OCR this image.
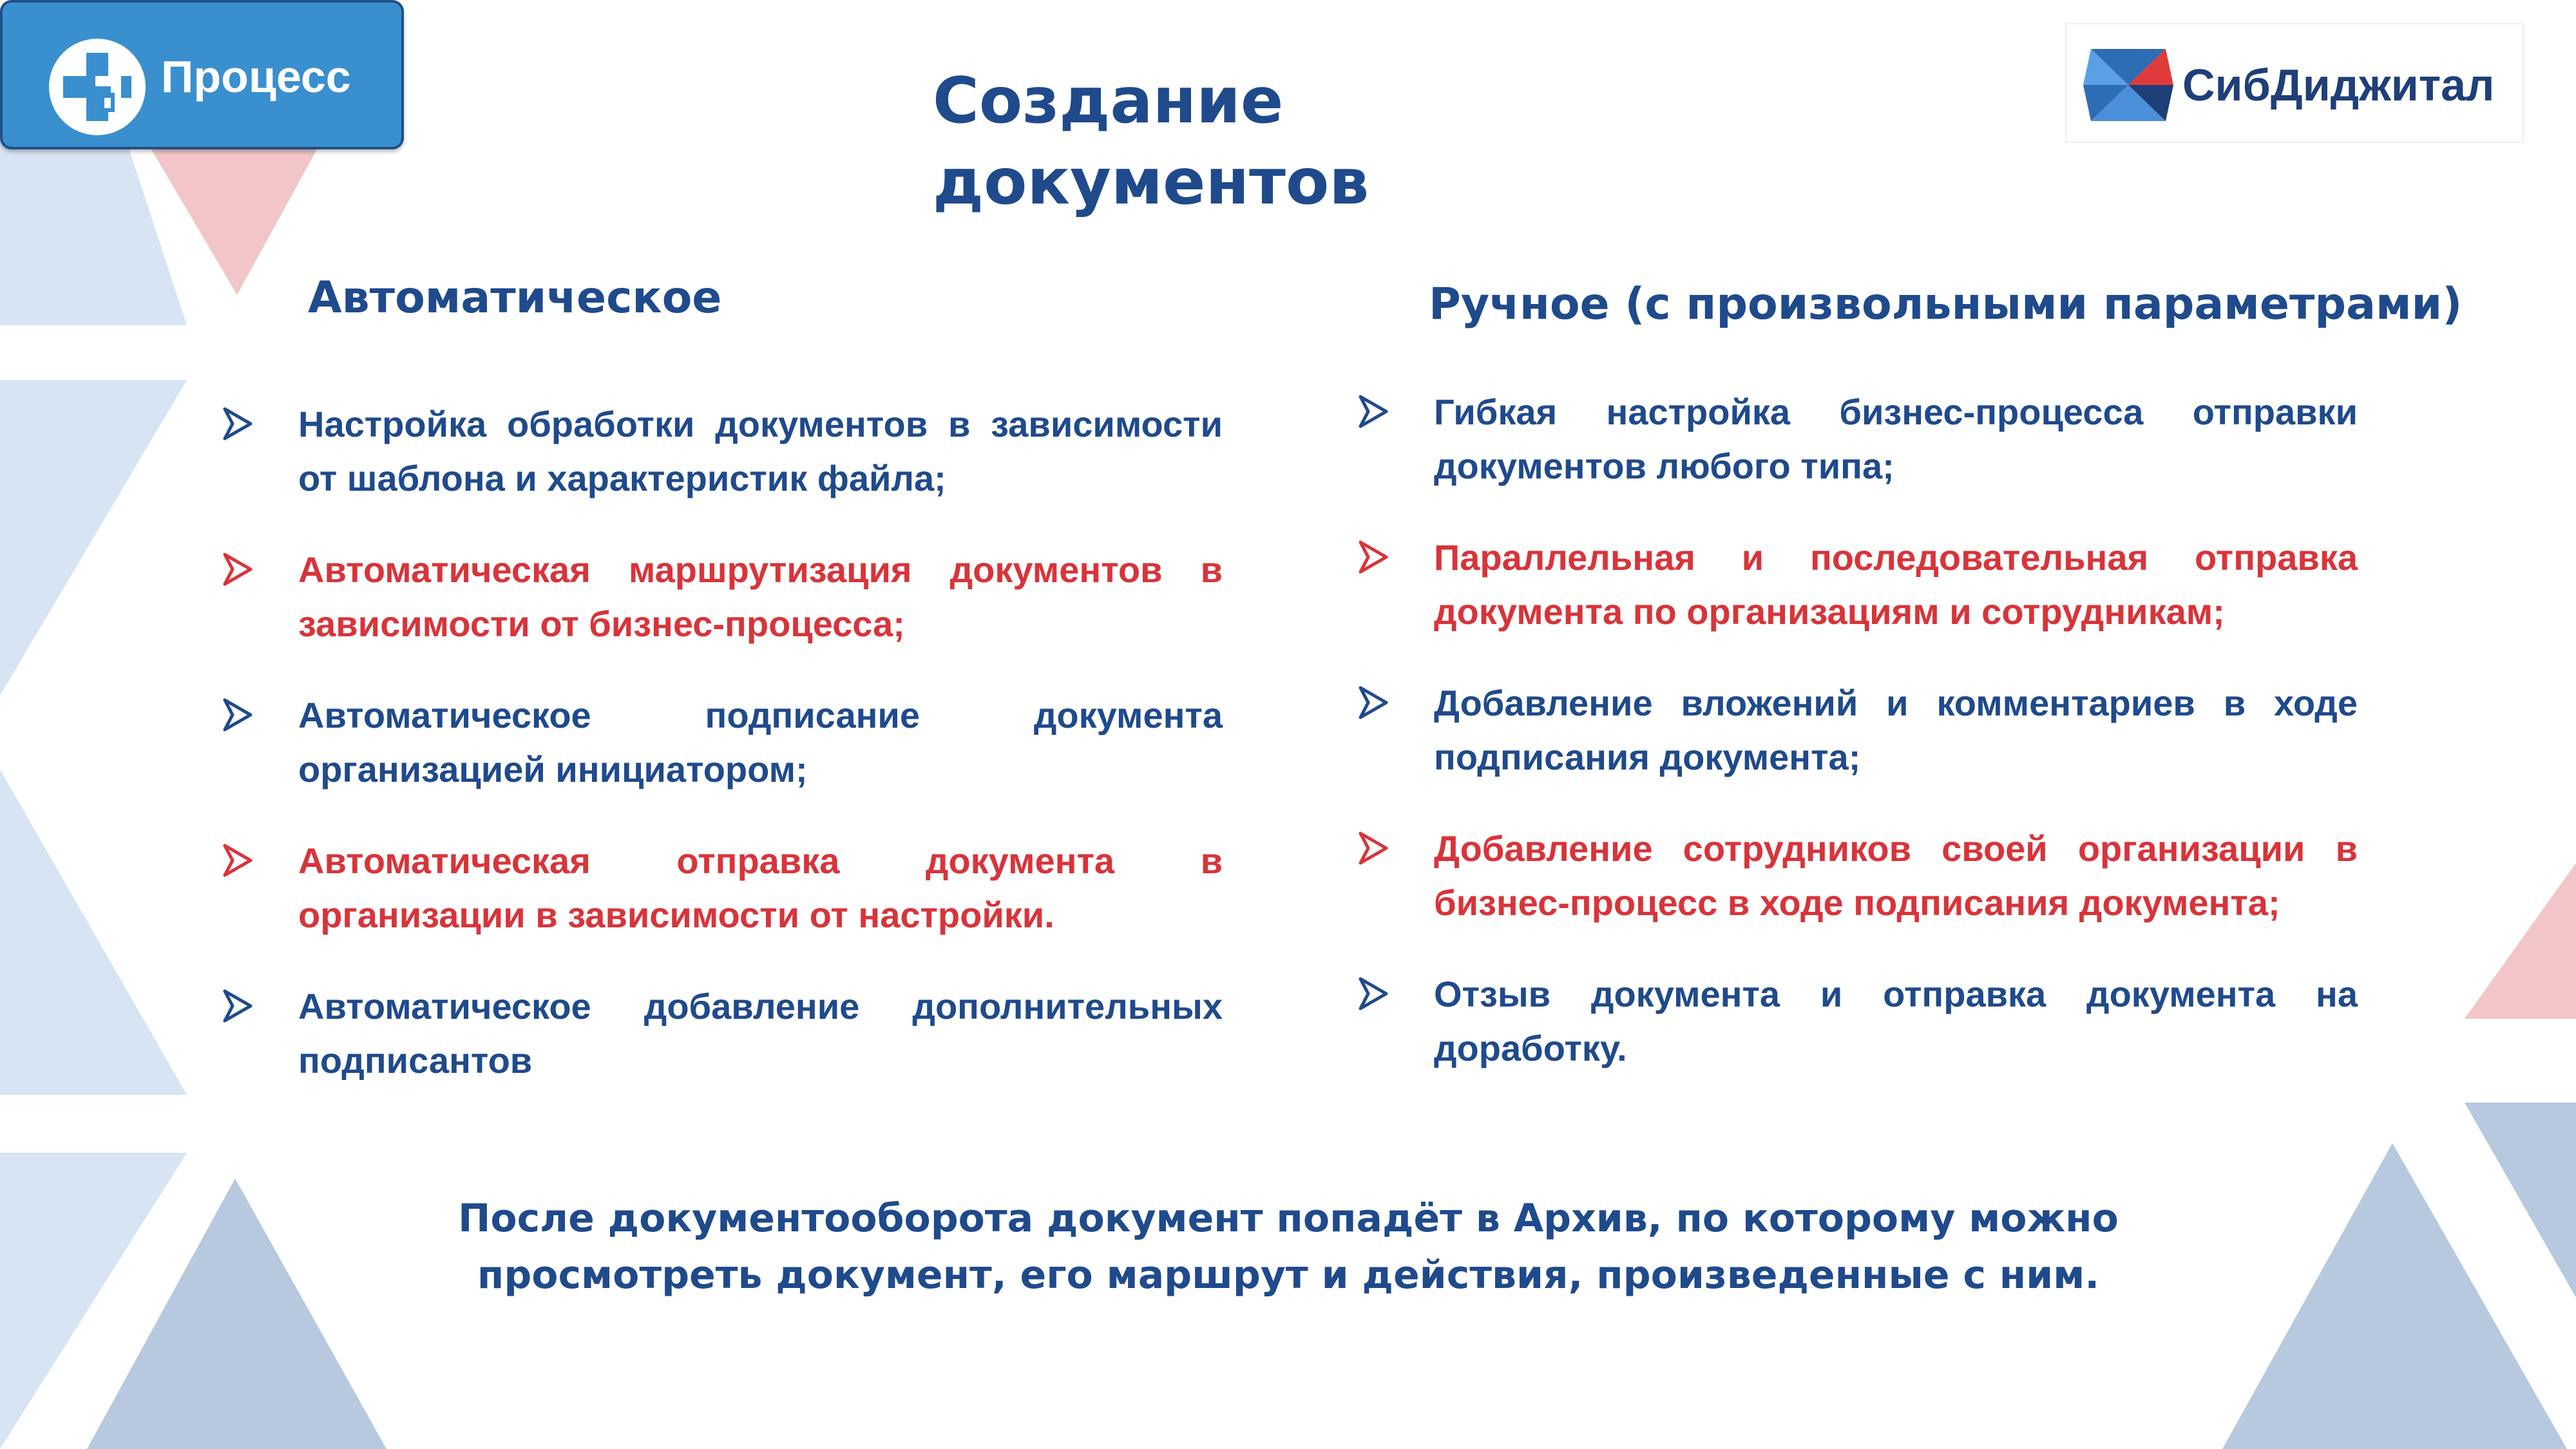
Процесс	СибДиджитал
Создание
документов
Автоматическое	Ручное (с произвольными параметрами)
Настройка обработки документов в зависимости от шаблона и характеристик файла;
Автоматическая маршрутизация документов в зависимости от бизнес-процесса;
Автоматическое подписание документа организацией инициатором;
Автоматическая отправка документа в организации в зависимости от настройки.
Автоматическое добавление дополнительных подписантов
Гибкая настройка бизнес-процесса отправки документов любого типа;
Параллельная и последовательная отправка документа по организациям и сотрудникам;
Добавление вложений и комментариев в ходе подписания документа;
Добавление сотрудников своей организации в бизнес-процесс в ходе подписания документа;
Отзыв документа и отправка документа на доработку.
После документооборота документ попадёт в Архив, по которому можно
просмотреть документ, его маршрут и действия, произведенные с ним.
